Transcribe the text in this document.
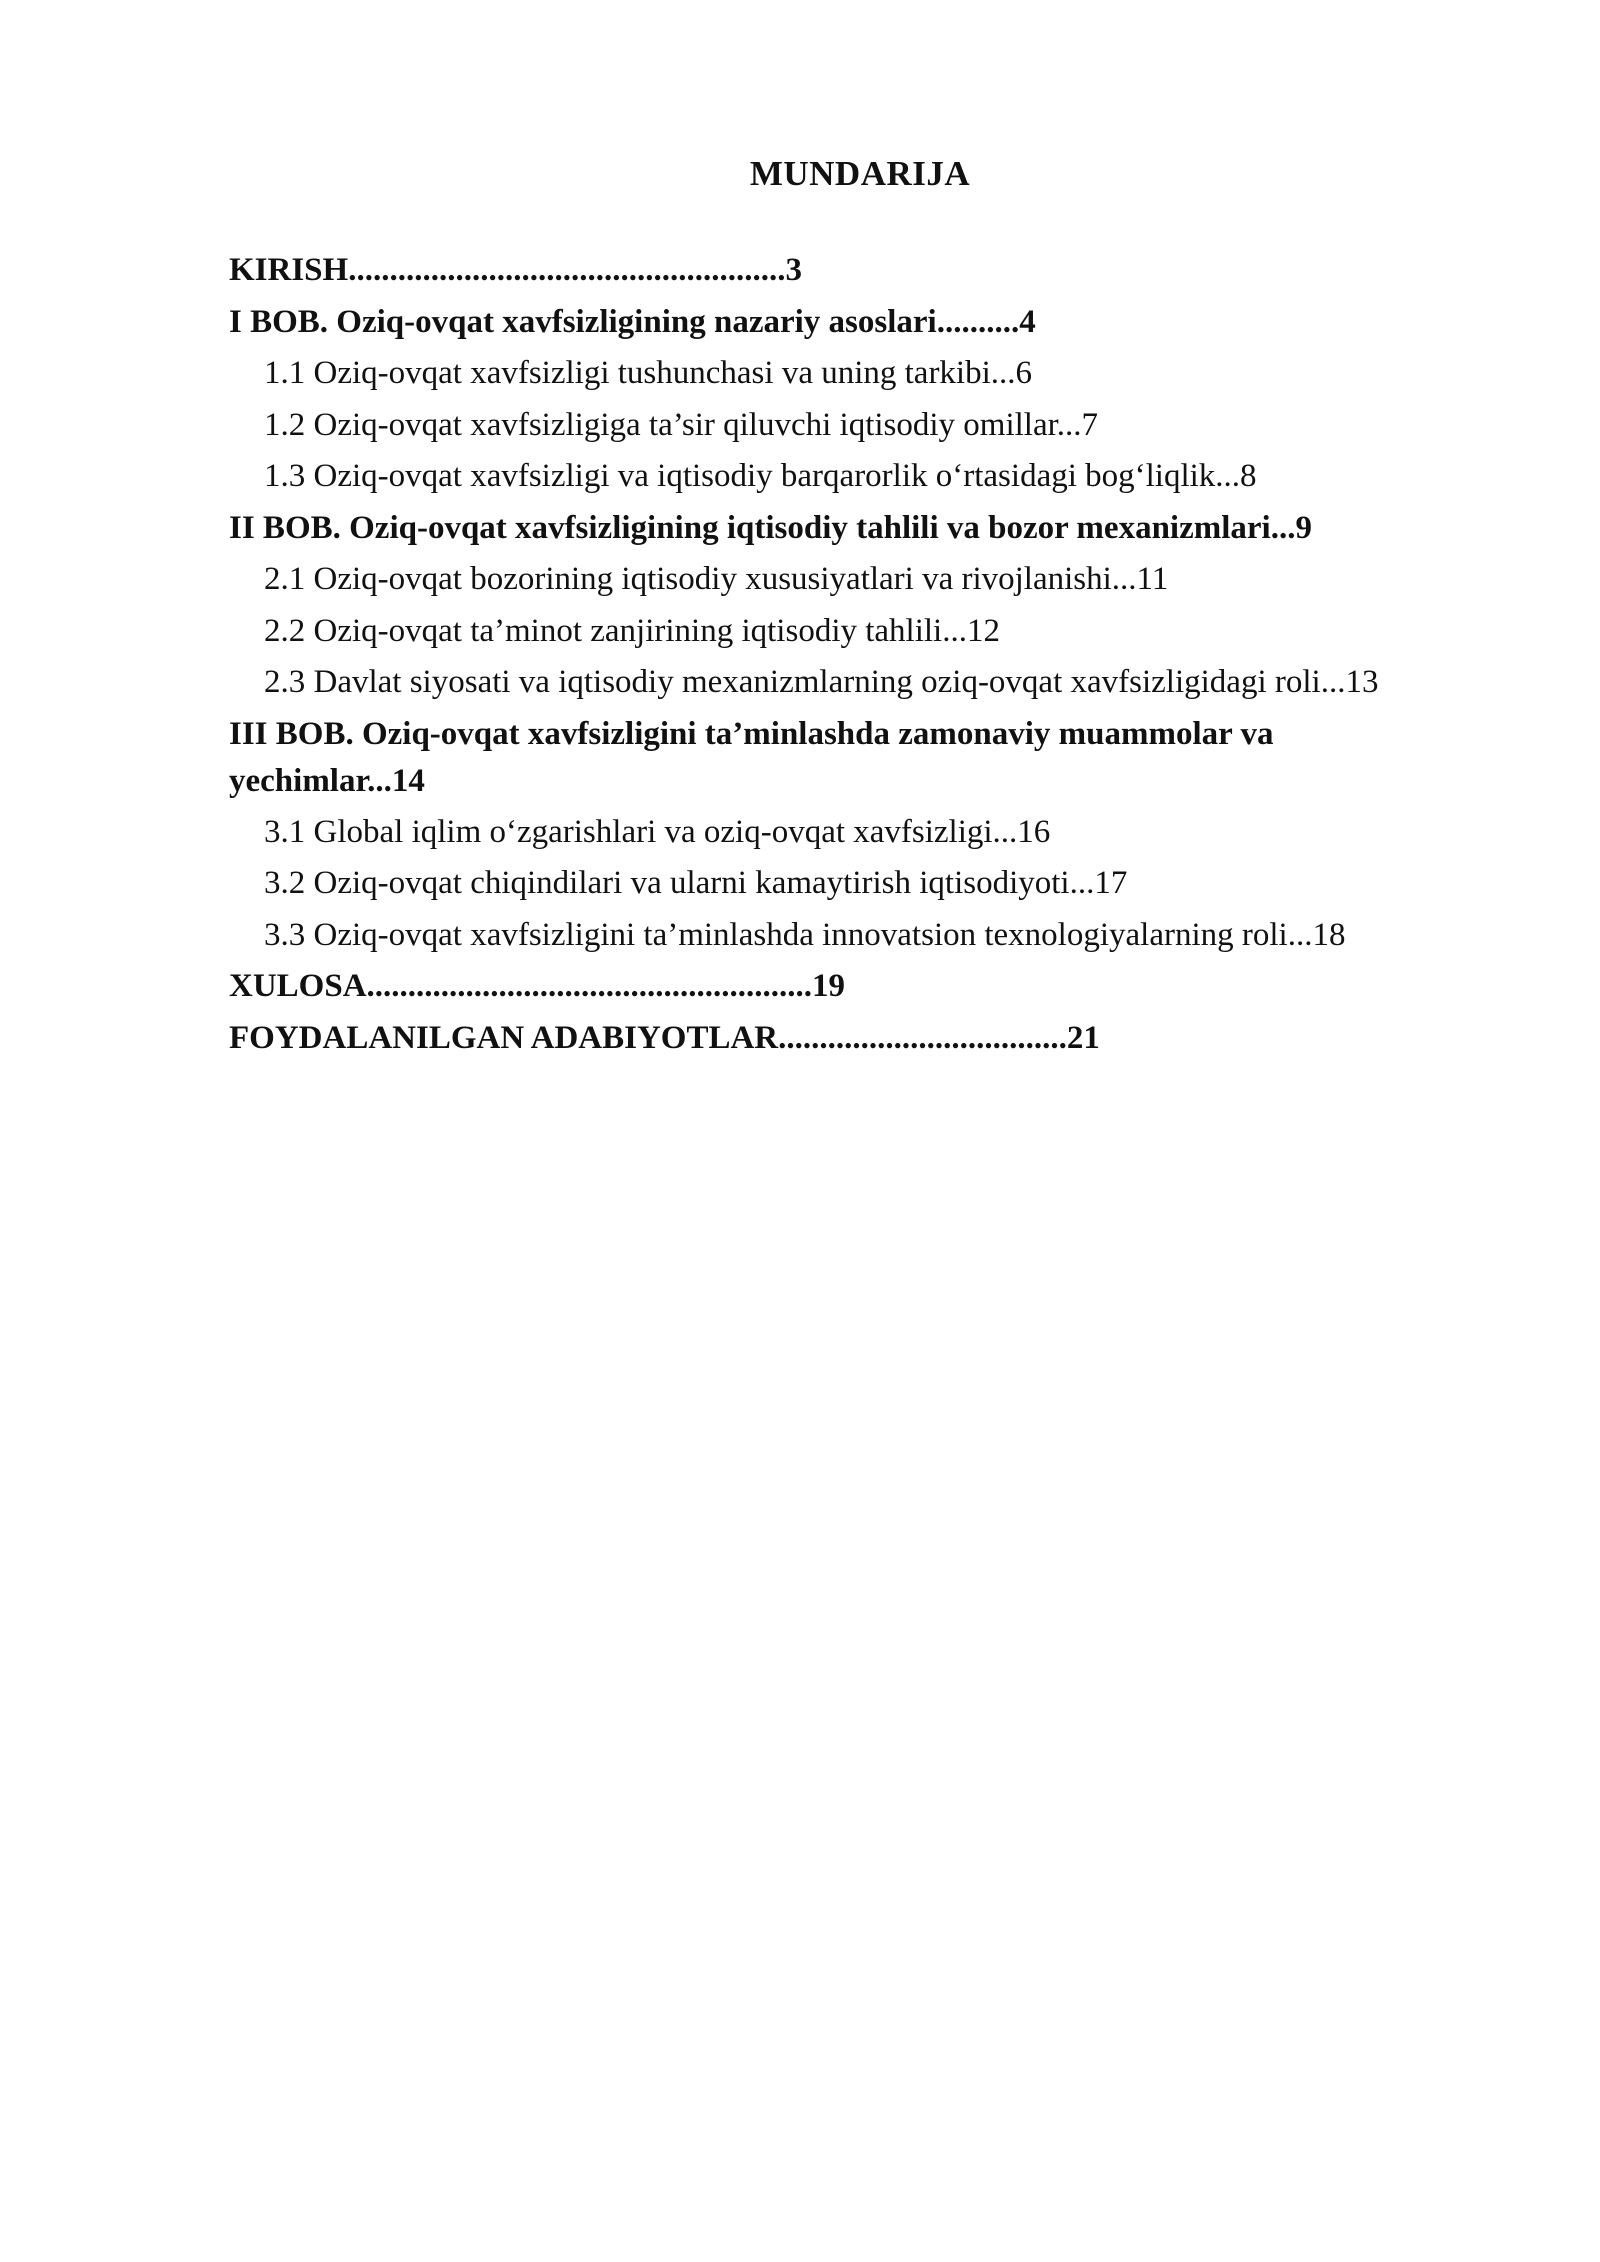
MUNDARIJA
KIRISH.....................................................3
I BOB. Oziq-ovqat xavfsizligining nazariy asoslari..........4
1.1 Oziq-ovqat xavfsizligi tushunchasi va uning tarkibi...6
1.2 Oziq-ovqat xavfsizligiga ta’sir qiluvchi iqtisodiy omillar...7
1.3 Oziq-ovqat xavfsizligi va iqtisodiy barqarorlik o‘rtasidagi bog‘liqlik...8
II BOB. Oziq-ovqat xavfsizligining iqtisodiy tahlili va bozor mexanizmlari...9
2.1 Oziq-ovqat bozorining iqtisodiy xususiyatlari va rivojlanishi...11
2.2 Oziq-ovqat ta’minot zanjirining iqtisodiy tahlili...12
2.3 Davlat siyosati va iqtisodiy mexanizmlarning oziq-ovqat xavfsizligidagi roli...13
III BOB. Oziq-ovqat xavfsizligini ta’minlashda zamonaviy muammolar va yechimlar...14
3.1 Global iqlim o‘zgarishlari va oziq-ovqat xavfsizligi...16
3.2 Oziq-ovqat chiqindilari va ularni kamaytirish iqtisodiyoti...17
3.3 Oziq-ovqat xavfsizligini ta’minlashda innovatsion texnologiyalarning roli...18
XULOSA......................................................19
FOYDALANILGAN ADABIYOTLAR...................................21
